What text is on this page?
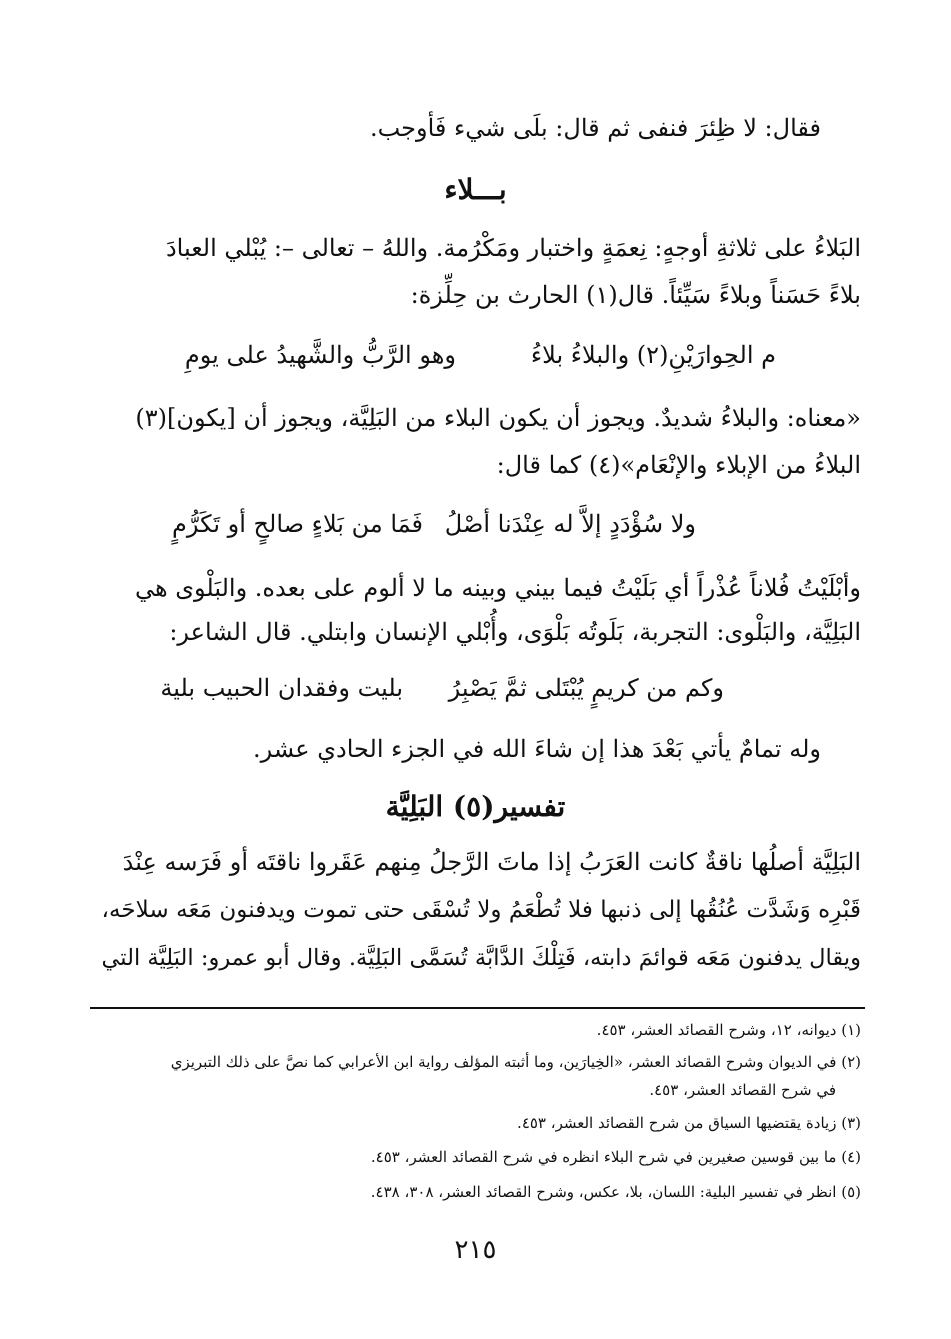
فقال: لا ظِئرَ فنفى ثم قال: بلَى شيء فَأوجب.
بـــلاء
البَلاءُ على ثلاثةِ أوجهٍ: نِعمَةٍ واختبار ومَكْرُمة. واللهُ – تعالى –: يُبْلي العبادَ
بلاءً حَسَناً وبلاءً سَيِّئاً. قال(١) الحارث بن حِلِّزة:
وهو الرَّبُّ والشَّهيدُ على يومِ	م الحِوارَيْنِ(٢) والبلاءُ بلاءُ
«معناه: والبلاءُ شديدٌ. ويجوز أن يكون البلاء من البَلِيَّة، ويجوز أن [يكون](٣)
البلاءُ من الإبلاء والإنْعَام»(٤) كما قال:
فَمَا من بَلاءٍ صالحٍ أو تَكَرُّمٍ ولا سُؤْدَدٍ إلاَّ له عِنْدَنا أصْلُ
وأبْلَيْتُ فُلاناً عُذْراً أي بَلَيْتُ فيما بيني وبينه ما لا ألوم على بعده. والبَلْوى هي
البَلِيَّة، والبَلْوى: التجربة، بَلَوتُه بَلْوَى، وأُبْلي الإنسان وابتلي. قال الشاعر:
بليت وفقدان الحبيب بلية وكم من كريمٍ يُبْتَلى ثمَّ يَصْبِرُ
وله تمامٌ يأتي بَعْدَ هذا إن شاءَ الله في الجزء الحادي عشر.
تفسير(٥) البَلِيَّة
البَلِيَّة أصلُها ناقةٌ كانت العَرَبُ إذا ماتَ الرَّجلُ مِنهم عَقَروا ناقتَه أو فَرَسه عِنْدَ
قَبْرِه وَشَدَّت عُنُقُها إلى ذنبها فلا تُطْعَمُ ولا تُسْقَى حتى تموت ويدفنون مَعَه سلاحَه،
ويقال يدفنون مَعَه قوائمَ دابته، فَتِلْكَ الدَّابَّة تُسَمَّى البَلِيَّة. وقال أبو عمرو: البَلِيَّة التي
(١) ديوانه، ١٢، وشرح القصائد العشر، ٤٥٣.
(٢) في الديوان وشرح القصائد العشر، «الخِيارَين، وما أثبته المؤلف رواية ابن الأعرابي كما نصَّ على ذلك التبريزي
في شرح القصائد العشر، ٤٥٣.
(٣) زيادة يقتضيها السياق من شرح القصائد العشر، ٤٥٣.
(٤) ما بين قوسين صغيرين في شرح البلاء انظره في شرح القصائد العشر، ٤٥٣.
(٥) انظر في تفسير البلية: اللسان، بلا، عكس، وشرح القصائد العشر، ٣٠٨، ٤٣٨.
٢١٥
